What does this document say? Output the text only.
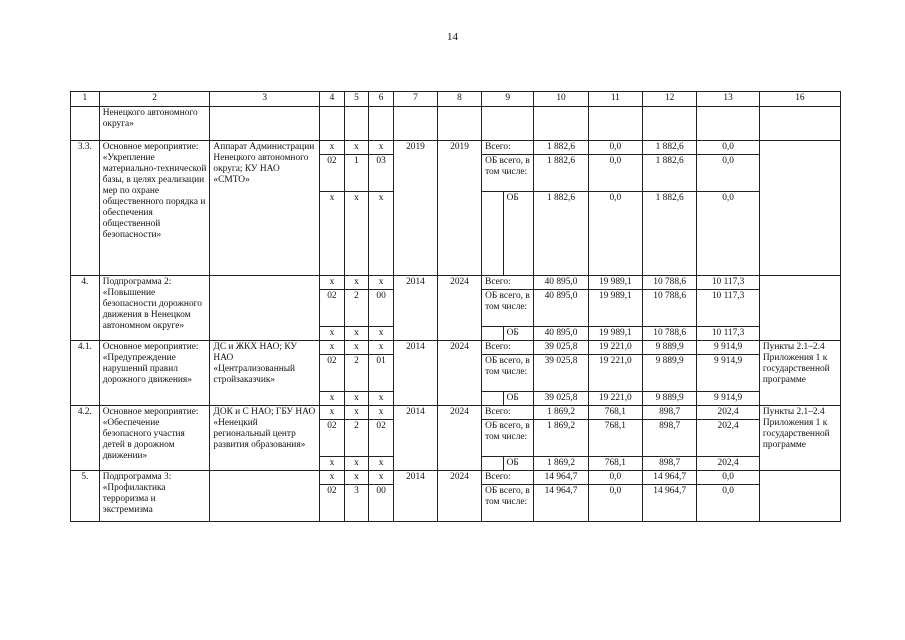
14
1	2	3	4	5	6	7	8	9		10	11	12	13	16
	Ненецкого автономного округа»													
3.3.	Основное мероприятие: «Укрепление материально-технической базы, в целях реализации мер по охране общественного порядка и обеспечения общественной безопасности»	Аппарат Администрации Ненецкого автономного округа; КУ НАО «СМТО»	х	х	х	2019	2019	Всего:		1 882,6	0,0	1 882,6	0,0	
			02	1	03			ОБ всего, в том числе:		1 882,6	0,0	1 882,6	0,0	
			х	х	х				ОБ	1 882,6	0,0	1 882,6	0,0	
4.	Подпрограмма 2: «Повышение безопасности дорожного движения в Ненецком автономном округе»		х	х	х	2014	2024	Всего:		40 895,0	19 989,1	10 788,6	10 117,3	
			02	2	00			ОБ всего, в том числе:		40 895,0	19 989,1	10 788,6	10 117,3	
			х	х	х				ОБ	40 895,0	19 989,1	10 788,6	10 117,3	
4.1.	Основное мероприятие: «Предупреждение нарушений правил дорожного движения»	ДС и ЖКХ НАО; КУ НАО «Централизованный стройзаказчик»	х	х	х	2014	2024	Всего:		39 025,8	19 221,0	9 889,9	9 914,9	Пункты 2.1–2.4 Приложения 1 к государственной программе
			02	2	01			ОБ всего, в том числе:		39 025,8	19 221,0	9 889,9	9 914,9	
			х	х	х				ОБ	39 025,8	19 221,0	9 889,9	9 914,9	
4.2.	Основное мероприятие: «Обеспечение безопасного участия детей в дорожном движении»	ДОК и С НАО; ГБУ НАО «Ненецкий региональный центр развития образования»	х	х	х	2014	2024	Всего:		1 869,2	768,1	898,7	202,4	Пункты 2.1–2.4 Приложения 1 к государственной программе
			02	2	02			ОБ всего, в том числе:		1 869,2	768,1	898,7	202,4	
			х	х	х				ОБ	1 869,2	768,1	898,7	202,4	
5.	Подпрограмма 3: «Профилактика терроризма и экстремизма		х	х	х	2014	2024	Всего:		14 964,7	0,0	14 964,7	0,0	
			02	3	00			ОБ всего, в том числе:		14 964,7	0,0	14 964,7	0,0	
